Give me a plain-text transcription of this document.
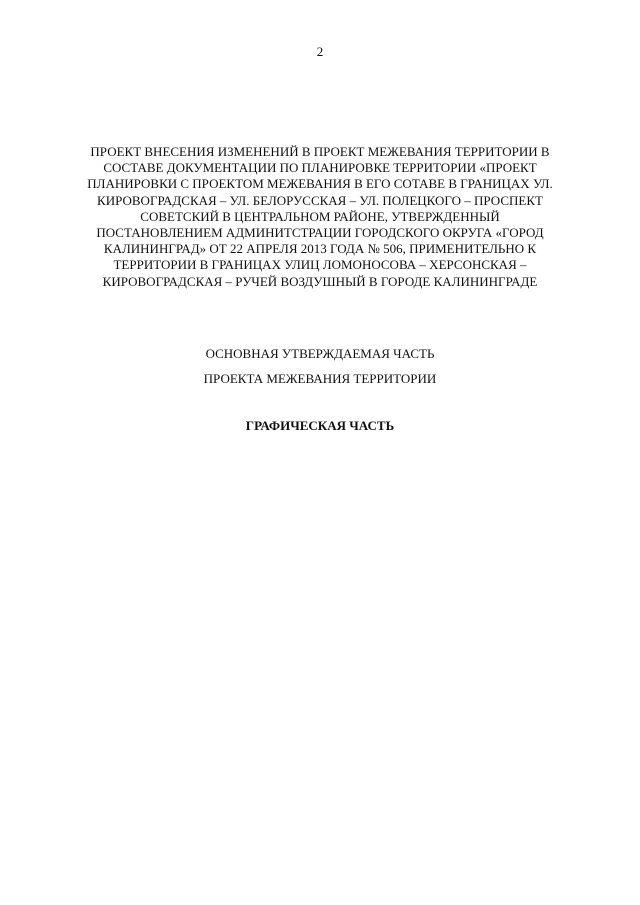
2
ПРОЕКТ ВНЕСЕНИЯ ИЗМЕНЕНИЙ В ПРОЕКТ МЕЖЕВАНИЯ ТЕРРИТОРИИ В
СОСТАВЕ ДОКУМЕНТАЦИИ ПО ПЛАНИРОВКЕ ТЕРРИТОРИИ «ПРОЕКТ
ПЛАНИРОВКИ С ПРОЕКТОМ МЕЖЕВАНИЯ В ЕГО СОТАВЕ В ГРАНИЦАХ УЛ.
КИРОВОГРАДСКАЯ – УЛ. БЕЛОРУССКАЯ – УЛ. ПОЛЕЦКОГО – ПРОСПЕКТ
СОВЕТСКИЙ В ЦЕНТРАЛЬНОМ РАЙОНЕ, УТВЕРЖДЕННЫЙ
ПОСТАНОВЛЕНИЕМ АДМИНИТСТРАЦИИ ГОРОДСКОГО ОКРУГА «ГОРОД
КАЛИНИНГРАД» ОТ 22 АПРЕЛЯ 2013 ГОДА № 506, ПРИМЕНИТЕЛЬНО К
ТЕРРИТОРИИ В ГРАНИЦАХ УЛИЦ ЛОМОНОСОВА – ХЕРСОНСКАЯ –
КИРОВОГРАДСКАЯ – РУЧЕЙ ВОЗДУШНЫЙ В ГОРОДЕ КАЛИНИНГРАДЕ
ОСНОВНАЯ УТВЕРЖДАЕМАЯ ЧАСТЬ
ПРОЕКТА МЕЖЕВАНИЯ ТЕРРИТОРИИ
ГРАФИЧЕСКАЯ ЧАСТЬ
